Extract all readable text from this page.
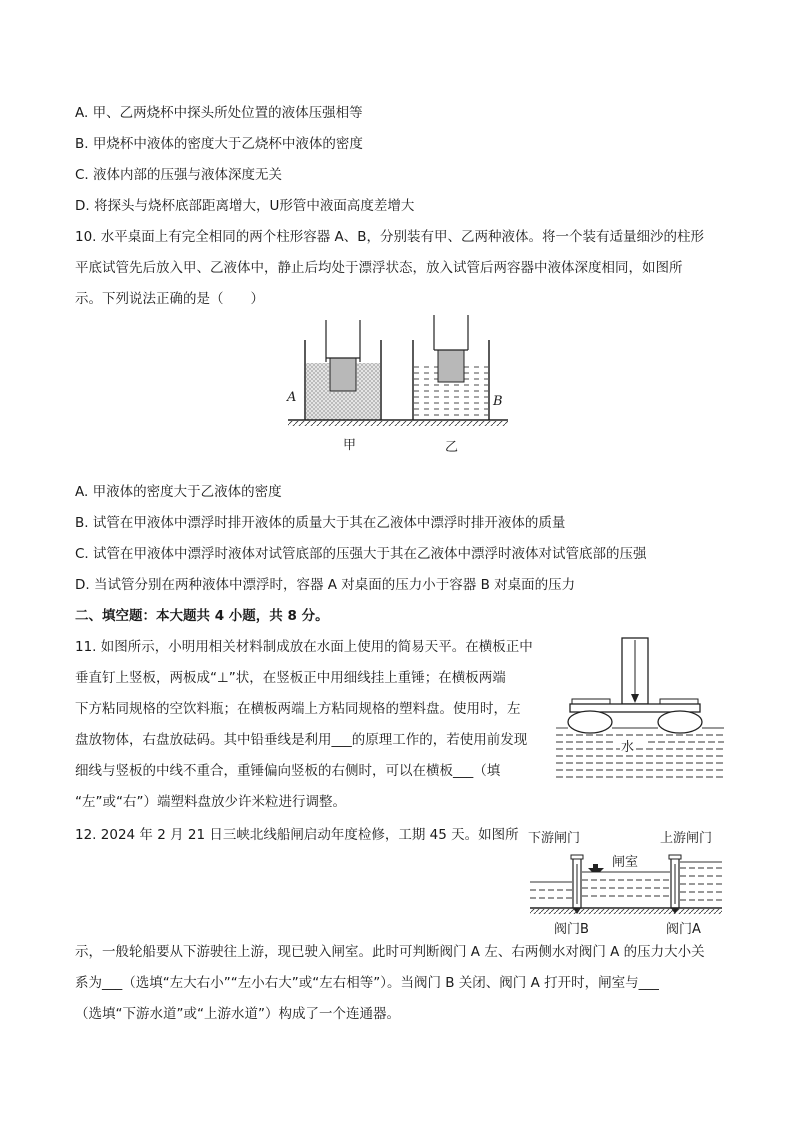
A. 甲、乙两烧杯中探头所处位置的液体压强相等
B. 甲烧杯中液体的密度大于乙烧杯中液体的密度
C. 液体内部的压强与液体深度无关
D. 将探头与烧杯底部距离增大，U形管中液面高度差增大
10. 水平桌面上有完全相同的两个柱形容器 A、B，分别装有甲、乙两种液体。将一个装有适量细沙的柱形
平底试管先后放入甲、乙液体中，静止后均处于漂浮状态，放入试管后两容器中液体深度相同，如图所
示。下列说法正确的是（　　）
A	B
甲	乙
A. 甲液体的密度大于乙液体的密度
B. 试管在甲液体中漂浮时排开液体的质量大于其在乙液体中漂浮时排开液体的质量
C. 试管在甲液体中漂浮时液体对试管底部的压强大于其在乙液体中漂浮时液体对试管底部的压强
D. 当试管分别在两种液体中漂浮时，容器 A 对桌面的压力小于容器 B 对桌面的压力
二、填空题：本大题共 4 小题，共 8 分。
11. 如图所示，小明用相关材料制成放在水面上使用的简易天平。在横板正中
垂直钉上竖板，两板成“⊥”状，在竖板正中用细线挂上重锤；在横板两端
下方粘同规格的空饮料瓶；在横板两端上方粘同规格的塑料盘。使用时，左
盘放物体，右盘放砝码。其中铅垂线是利用___的原理工作的，若使用前发现
细线与竖板的中线不重合，重锤偏向竖板的右侧时，可以在横板___（填
“左”或“右”）端塑料盘放少许米粒进行调整。
水
12. 2024 年 2 月 21 日三峡北线船闸启动年度检修，工期 45 天。如图所 下游闸门	上游闸门
闸室
阀门B	阀门A
示，一般轮船要从下游驶往上游，现已驶入闸室。此时可判断阀门 A 左、右两侧水对阀门 A 的压力大小关
系为___（选填“左大右小”“左小右大”或“左右相等”）。当阀门 B 关闭、阀门 A 打开时，闸室与___
（选填“下游水道”或“上游水道”）构成了一个连通器。
